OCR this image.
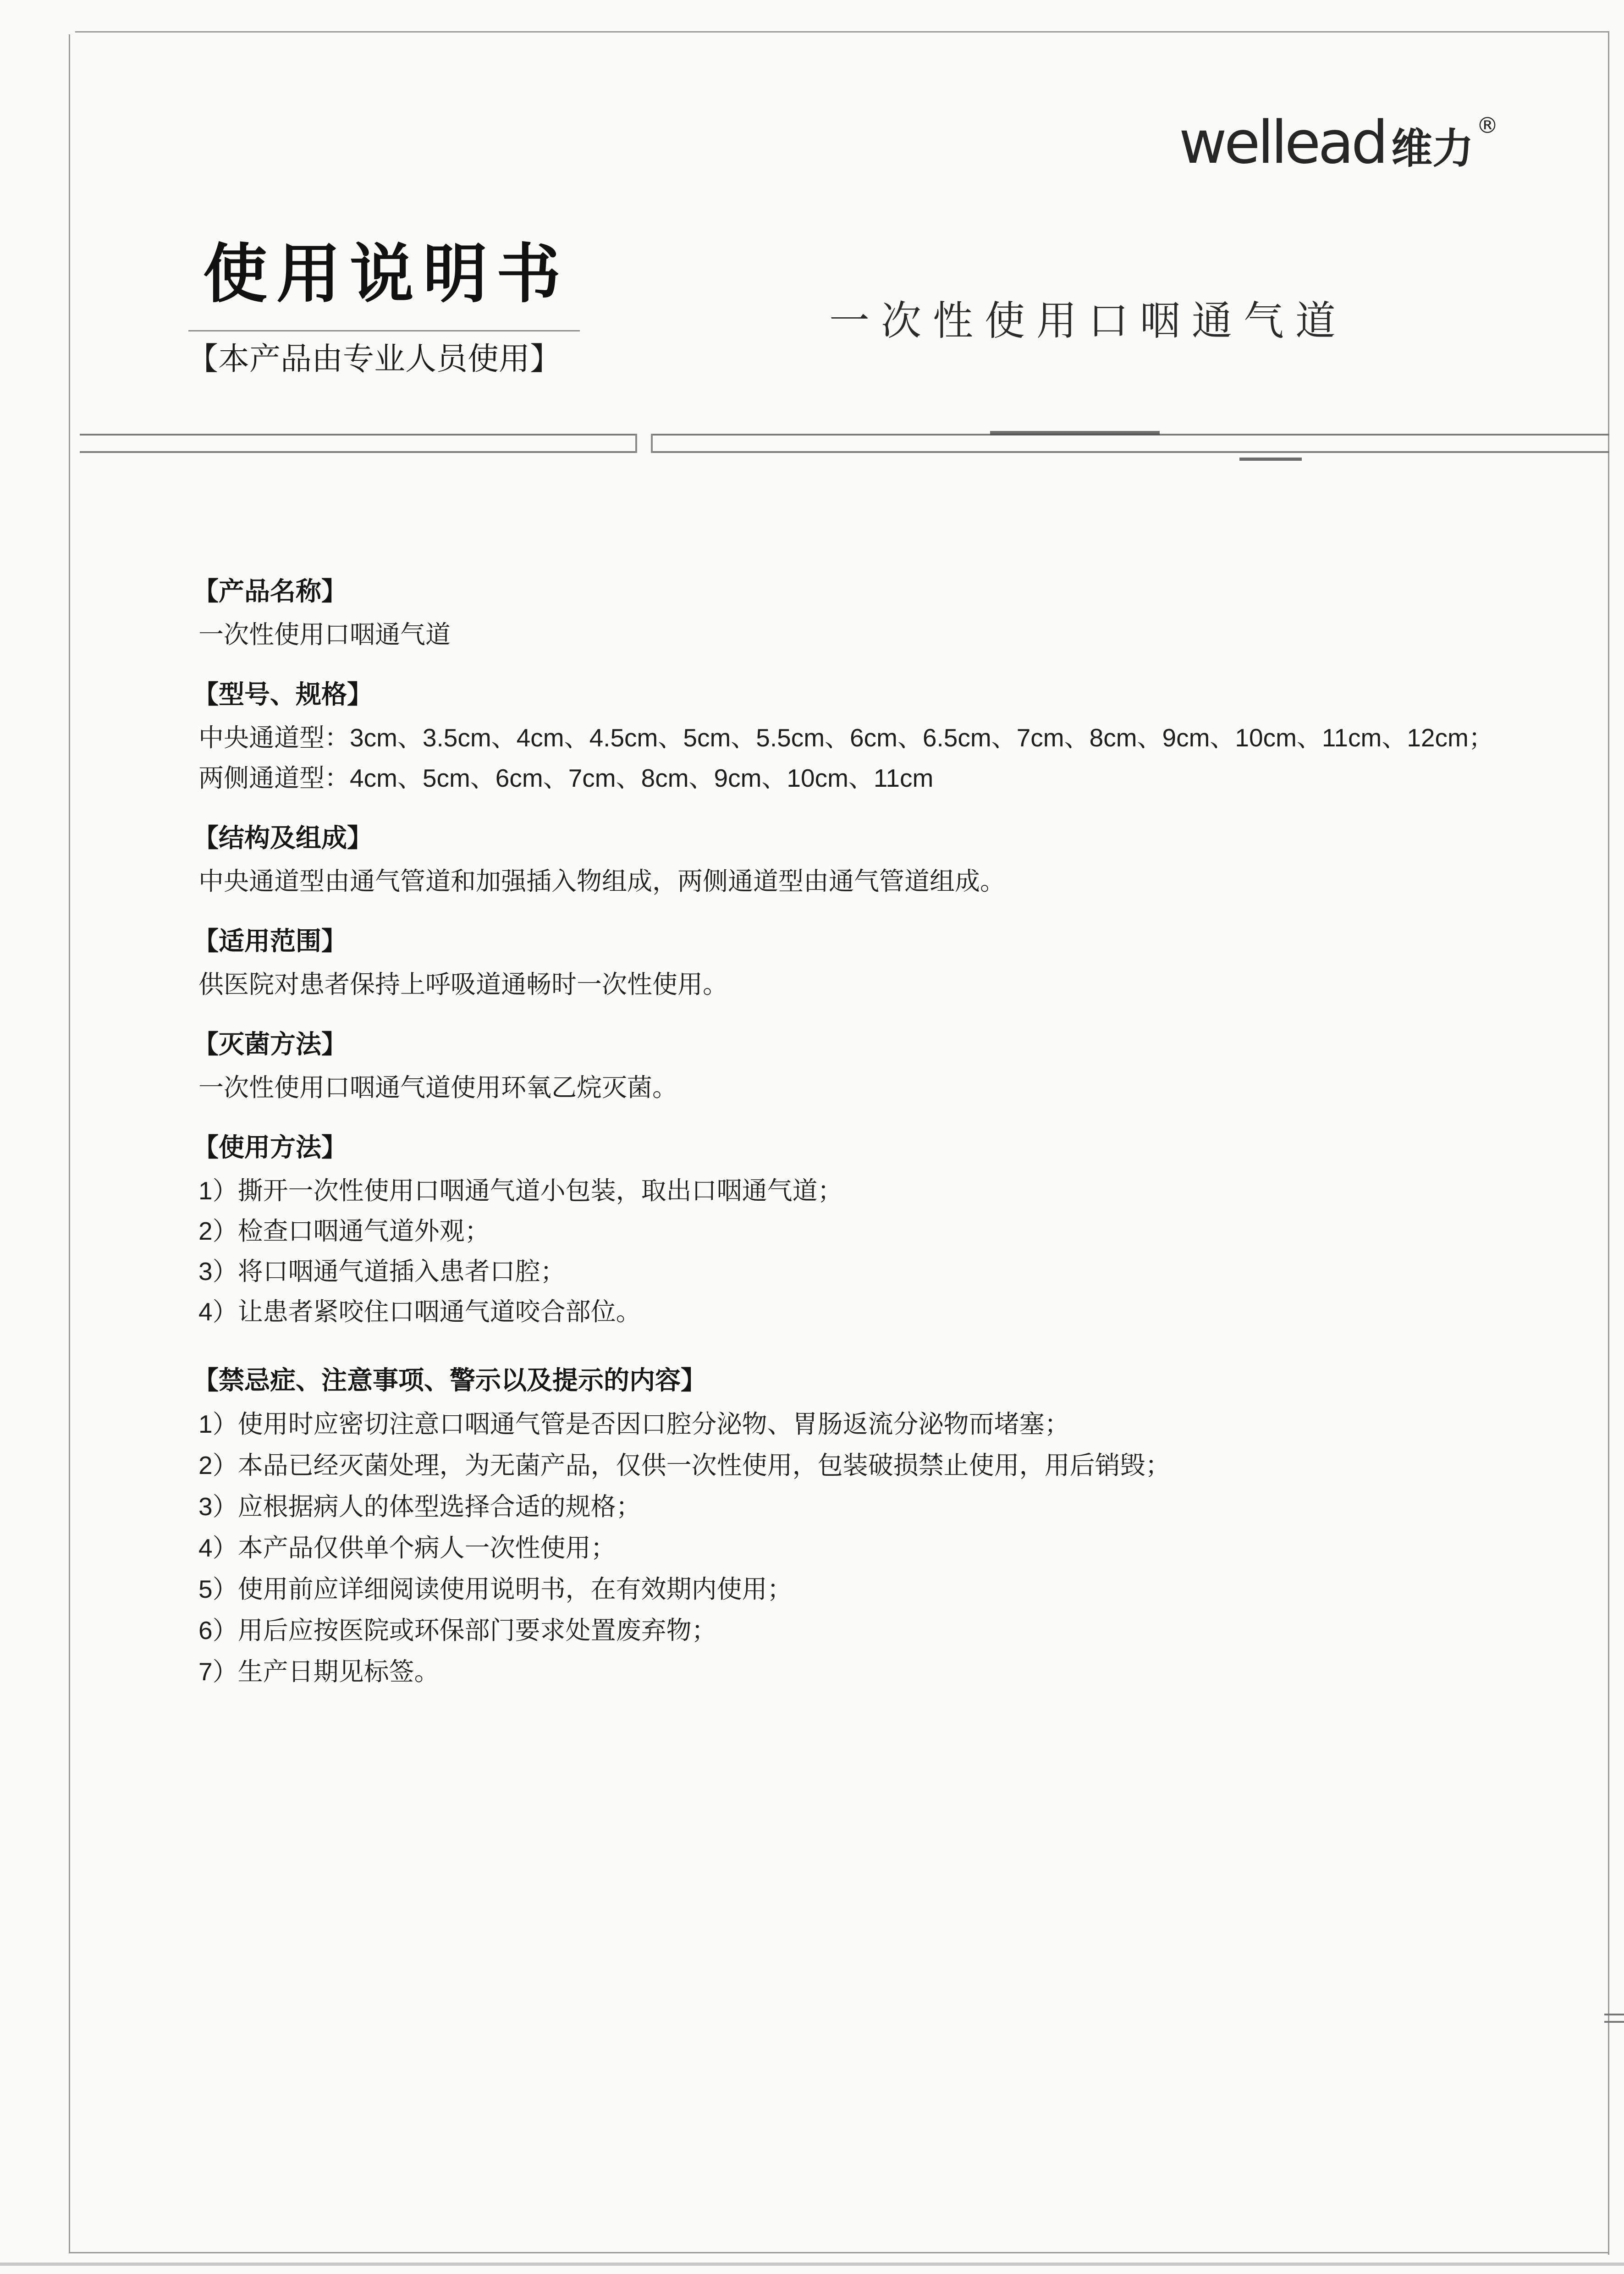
wellead 维力 ®
使用说明书
【本产品由专业人员使用】
一次性使用口咽通气道
【产品名称】
一次性使用口咽通气道
【型号、规格】
中央通道型：3cm、3.5cm、4cm、4.5cm、5cm、5.5cm、6cm、6.5cm、7cm、8cm、9cm、10cm、11cm、12cm；
两侧通道型：4cm、5cm、6cm、7cm、8cm、9cm、10cm、11cm
【结构及组成】
中央通道型由通气管道和加强插入物组成，两侧通道型由通气管道组成。
【适用范围】
供医院对患者保持上呼吸道通畅时一次性使用。
【灭菌方法】
一次性使用口咽通气道使用环氧乙烷灭菌。
【使用方法】
1）撕开一次性使用口咽通气道小包装，取出口咽通气道；
2）检查口咽通气道外观；
3）将口咽通气道插入患者口腔；
4）让患者紧咬住口咽通气道咬合部位。
【禁忌症、注意事项、警示以及提示的内容】
1）使用时应密切注意口咽通气管是否因口腔分泌物、胃肠返流分泌物而堵塞；
2）本品已经灭菌处理，为无菌产品，仅供一次性使用，包装破损禁止使用，用后销毁；
3）应根据病人的体型选择合适的规格；
4）本产品仅供单个病人一次性使用；
5）使用前应详细阅读使用说明书，在有效期内使用；
6）用后应按医院或环保部门要求处置废弃物；
7）生产日期见标签。
